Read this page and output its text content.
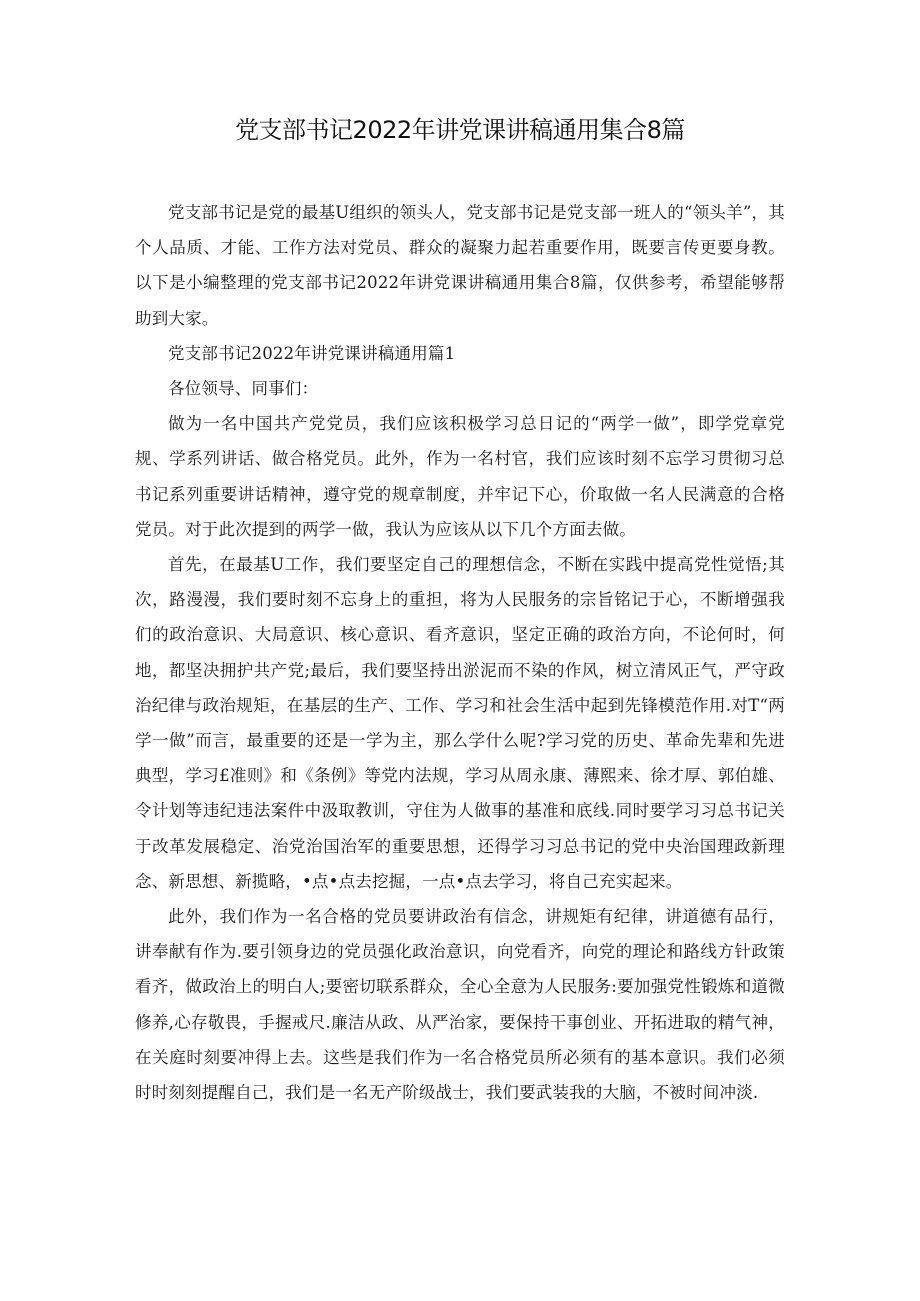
党支部书记2022年讲党课讲稿通用集合8篇

党支部书记是党的最基U组织的领头人，党支部书记是党支部一班人的“领头羊”，其个人品质、才能、工作方法对党员、群众的凝聚力起若重要作用，既要言传更要身教。以下是小编整理的党支部书记2022年讲党课讲稿通用集合8篇，仅供参考，希望能够帮助到大家。

党支部书记2022年讲党课讲稿通用篇1

各位领导、同事们：

做为一名中国共产党党员，我们应该积极学习总日记的“两学一做”，即学党章党规、学系列讲话、做合格党员。此外，作为一名村官，我们应该时刻不忘学习贯彻习总书记系列重要讲话精神，遵守党的规章制度，并牢记下心，价取做一名人民满意的合格党员。对于此次提到的两学一做，我认为应该从以下几个方面去做。

首先，在最基U工作，我们要坚定自己的理想信念，不断在实践中提高党性觉悟;其次，路漫漫，我们要时刻不忘身上的重担，将为人民服务的宗旨铭记于心，不断增强我们的政治意识、大局意识、核心意识、看齐意识，坚定正确的政治方向，不论何时，何地，都坚决拥护共产党;最后，我们要坚持出淤泥而不染的作风，树立清风正气，严守政治纪律与政治规矩，在基层的生产、工作、学习和社会生活中起到先锋模范作用.对T“两学一做”而言，最重要的还是一学为主，那么学什么呢?学习党的历史、革命先辈和先进典型，学习£准则》和《条例》等党内法规，学习从周永康、薄熙来、徐才厚、郭伯雄、令计划等违纪违法案件中汲取教训，守住为人做事的基准和底线.同时要学习习总书记关于改革发展稳定、治党治国治军的重要思想，还得学习习总书记的党中央治国理政新理念、新思想、新揽略，•点•点去挖掘，一点•点去学习，将自己充实起来。

此外，我们作为一名合格的党员要讲政治有信念，讲规矩有纪律，讲道德有品行，讲奉献有作为.要引领身边的党员强化政治意识，向党看齐，向党的理论和路线方针政策看齐，做政治上的明白人;要密切联系群众，全心全意为人民服务:要加强党性锻炼和道微修养,心存敬畏，手握戒尺.廉洁从政、从严治家，要保持干事创业、开拓进取的精气神，在关庭时刻要冲得上去。这些是我们作为一名合格党员所必须有的基本意识。我们必须时时刻刻提醒自己，我们是一名无产阶级战士，我们要武装我的大脑，不被时间冲淡.
